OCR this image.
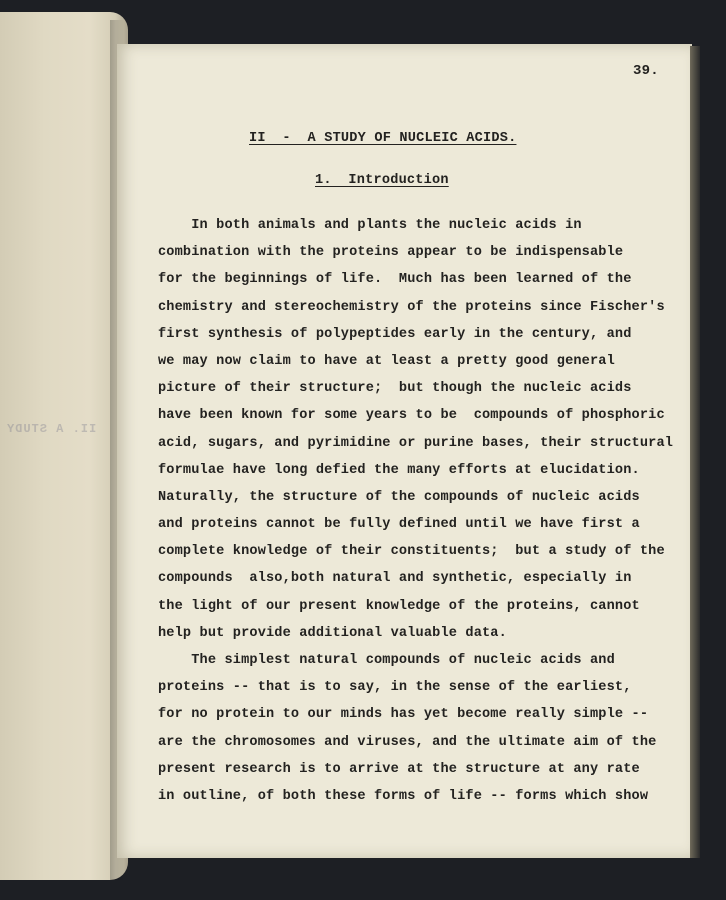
II. A STUDY
39.
II  -  A STUDY OF NUCLEIC ACIDS.
1.  Introduction
In both animals and plants the nucleic acids in
combination with the proteins appear to be indispensable
for the beginnings of life.  Much has been learned of the
chemistry and stereochemistry of the proteins since Fischer's
first synthesis of polypeptides early in the century, and
we may now claim to have at least a pretty good general
picture of their structure;  but though the nucleic acids
have been known for some years to be  compounds of phosphoric
acid, sugars, and pyrimidine or purine bases, their structural
formulae have long defied the many efforts at elucidation.
Naturally, the structure of the compounds of nucleic acids
and proteins cannot be fully defined until we have first a
complete knowledge of their constituents;  but a study of the
compounds  also,both natural and synthetic, especially in
the light of our present knowledge of the proteins, cannot
help but provide additional valuable data.
The simplest natural compounds of nucleic acids and
proteins -- that is to say, in the sense of the earliest,
for no protein to our minds has yet become really simple --
are the chromosomes and viruses, and the ultimate aim of the
present research is to arrive at the structure at any rate
in outline, of both these forms of life -- forms which show
